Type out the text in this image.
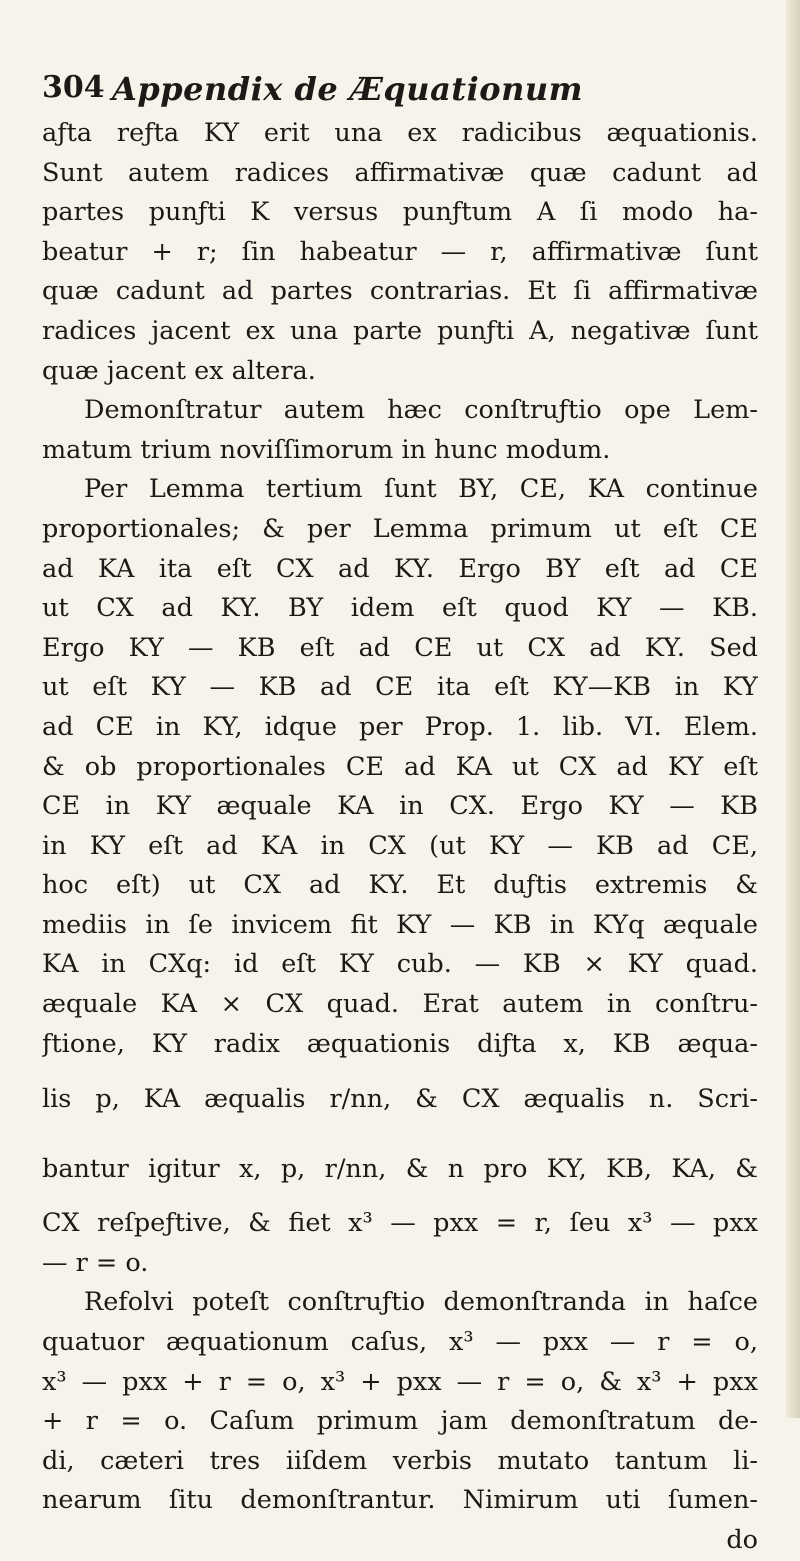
304 Appendix de Æquationum
aƒta reƒta KY erit una ex radicibus æquationis.
Sunt autem radices affirmativæ quæ cadunt ad
partes punƒti K versus punƒtum A ſi modo ha-
beatur + r; ſin habeatur — r, affirmativæ ſunt
quæ cadunt ad partes contrarias. Et ſi affirmativæ
radices jacent ex una parte punƒti A, negativæ ſunt
quæ jacent ex altera.
Demonſtratur autem hæc conſtruƒtio ope Lem-
matum trium noviſſimorum in hunc modum.
Per Lemma tertium ſunt BY, CE, KA continue
proportionales; & per Lemma primum ut eſt CE
ad KA ita eſt CX ad KY. Ergo BY eſt ad CE
ut CX ad KY. BY idem eſt quod KY — KB.
Ergo KY — KB eſt ad CE ut CX ad KY. Sed
ut eſt KY — KB ad CE ita eſt KY—KB in KY
ad CE in KY, idque per Prop. 1. lib. VI. Elem.
& ob proportionales CE ad KA ut CX ad KY eſt
CE in KY æquale KA in CX. Ergo KY — KB
in KY eſt ad KA in CX (ut KY — KB ad CE,
hoc eſt) ut CX ad KY. Et duƒtis extremis &
mediis in ſe invicem fit KY — KB in KYq æquale
KA in CXq: id eſt KY cub. — KB × KY quad.
æquale KA × CX quad. Erat autem in conſtru-
ƒtione, KY radix æquationis diƒta x, KB æqua-
lis p, KA æqualis r/nn, & CX æqualis n. Scri-
bantur igitur x, p, r/nn, & n pro KY, KB, KA, &
CX reſpeƒtive, & fiet x³ — pxx = r, ſeu x³ — pxx
— r = o.
Refolvi poteſt conſtruƒtio demonſtranda in haſce
quatuor æquationum caſus, x³ — pxx — r = o,
x³ — pxx + r = o, x³ + pxx — r = o, & x³ + pxx
+ r = o. Caſum primum jam demonſtratum de-
di, cæteri tres iiſdem verbis mutato tantum li-
nearum ſitu demonſtrantur. Nimirum uti ſumen-
do
